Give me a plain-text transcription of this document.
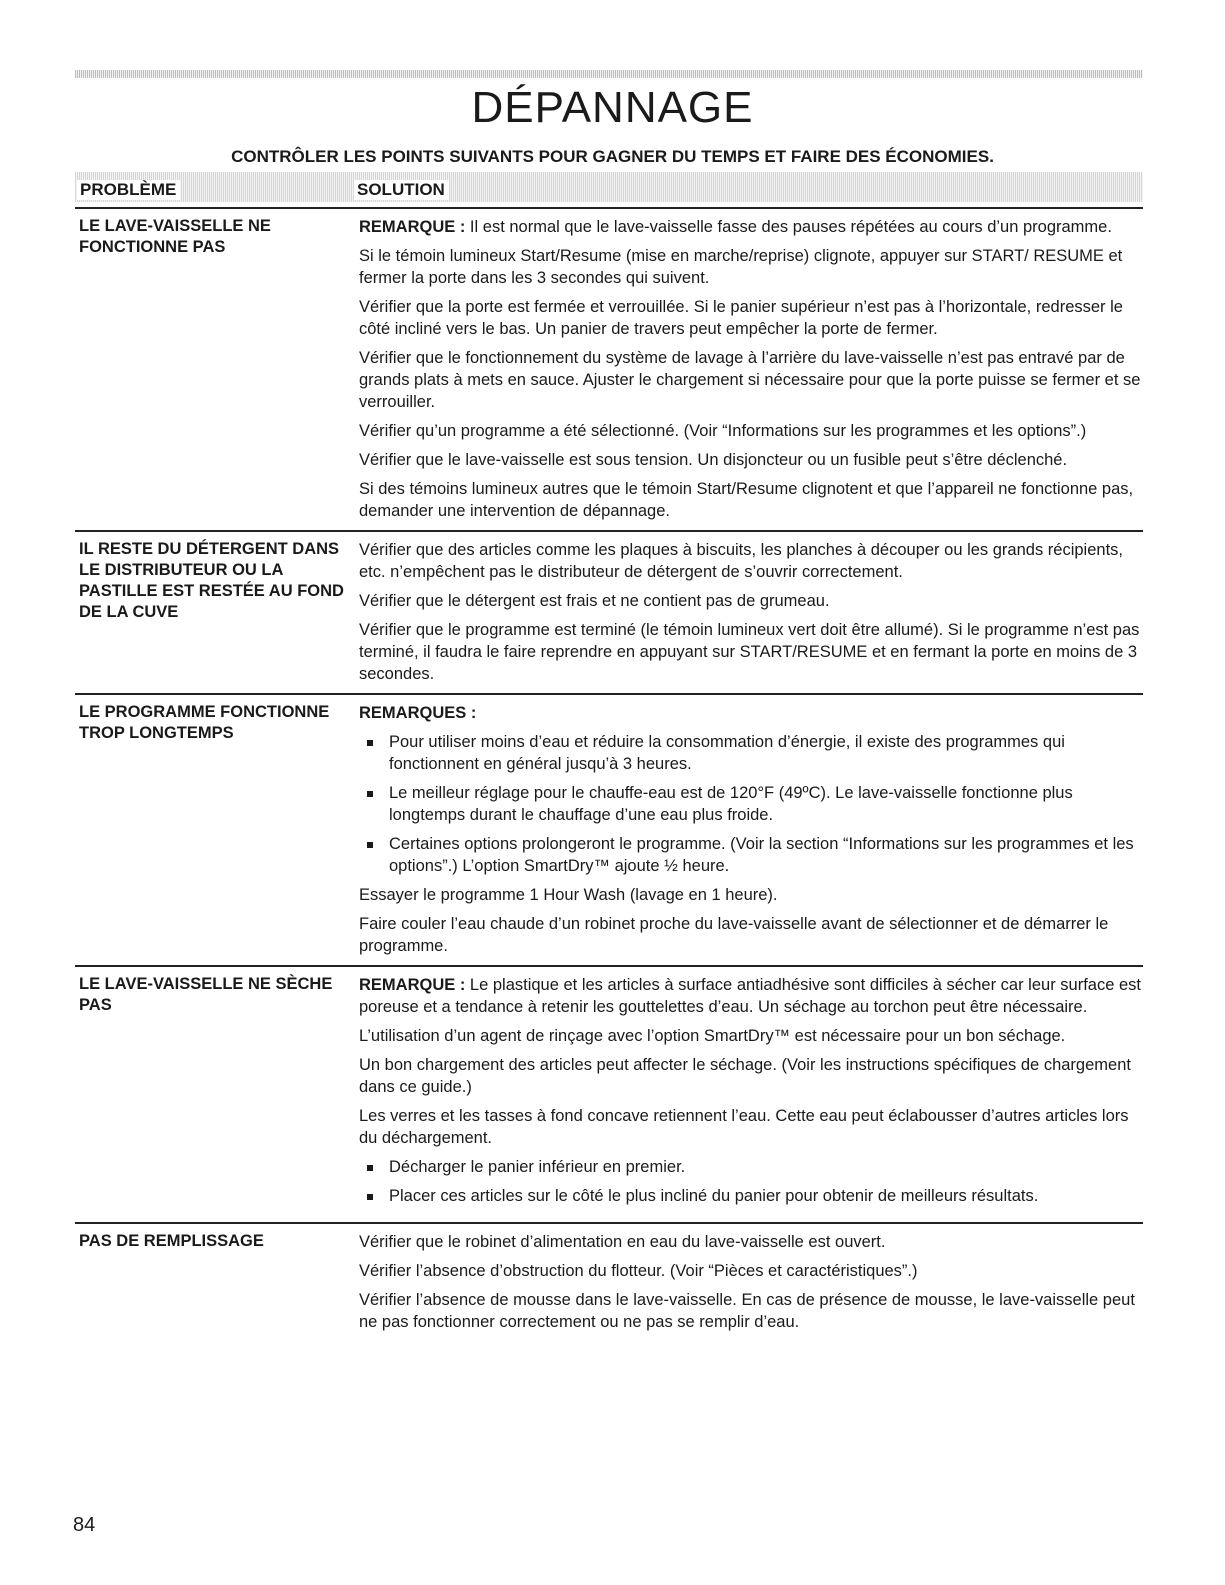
DÉPANNAGE

CONTRÔLER LES POINTS SUIVANTS POUR GAGNER DU TEMPS ET FAIRE DES ÉCONOMIES.

PROBLÈME	SOLUTION
LE LAVE-VAISSELLE NE FONCTIONNE PAS

REMARQUE : Il est normal que le lave-vaisselle fasse des pauses répétées au cours d’un programme.

Si le témoin lumineux Start/Resume (mise en marche/reprise) clignote, appuyer sur START/ RESUME et fermer la porte dans les 3 secondes qui suivent.

Vérifier que la porte est fermée et verrouillée. Si le panier supérieur n’est pas à l’horizontale, redresser le côté incliné vers le bas. Un panier de travers peut empêcher la porte de fermer.

Vérifier que le fonctionnement du système de lavage à l’arrière du lave-vaisselle n’est pas entravé par de grands plats à mets en sauce. Ajuster le chargement si nécessaire pour que la porte puisse se fermer et se verrouiller.

Vérifier qu’un programme a été sélectionné. (Voir “Informations sur les programmes et les options”.)

Vérifier que le lave-vaisselle est sous tension. Un disjoncteur ou un fusible peut s’être déclenché.

Si des témoins lumineux autres que le témoin Start/Resume clignotent et que l’appareil ne fonctionne pas, demander une intervention de dépannage.

IL RESTE DU DÉTERGENT DANS LE DISTRIBUTEUR OU LA PASTILLE EST RESTÉE AU FOND DE LA CUVE

Vérifier que des articles comme les plaques à biscuits, les planches à découper ou les grands récipients, etc. n’empêchent pas le distributeur de détergent de s’ouvrir correctement.

Vérifier que le détergent est frais et ne contient pas de grumeau.

Vérifier que le programme est terminé (le témoin lumineux vert doit être allumé). Si le programme n’est pas terminé, il faudra le faire reprendre en appuyant sur START/RESUME et en fermant la porte en moins de 3 secondes.

LE PROGRAMME FONCTIONNE TROP LONGTEMPS

REMARQUES :

Pour utiliser moins d’eau et réduire la consommation d’énergie, il existe des programmes qui fonctionnent en général jusqu’à 3 heures.
Le meilleur réglage pour le chauffe-eau est de 120°F (49ºC). Le lave-vaisselle fonctionne plus longtemps durant le chauffage d’une eau plus froide.
Certaines options prolongeront le programme. (Voir la section “Informations sur les programmes et les options”.) L’option SmartDry™ ajoute ½ heure.

Essayer le programme 1 Hour Wash (lavage en 1 heure).

Faire couler l’eau chaude d’un robinet proche du lave-vaisselle avant de sélectionner et de démarrer le programme.

LE LAVE-VAISSELLE NE SÈCHE PAS

REMARQUE : Le plastique et les articles à surface antiadhésive sont difficiles à sécher car leur surface est poreuse et a tendance à retenir les gouttelettes d’eau. Un séchage au torchon peut être nécessaire.

L’utilisation d’un agent de rinçage avec l’option SmartDry™ est nécessaire pour un bon séchage.

Un bon chargement des articles peut affecter le séchage. (Voir les instructions spécifiques de chargement dans ce guide.)

Les verres et les tasses à fond concave retiennent l’eau. Cette eau peut éclabousser d’autres articles lors du déchargement.

Décharger le panier inférieur en premier.
Placer ces articles sur le côté le plus incliné du panier pour obtenir de meilleurs résultats.
PAS DE REMPLISSAGE	Vérifier que le robinet d’alimentation en eau du lave-vaisselle est ouvert.

Vérifier l’absence d’obstruction du flotteur. (Voir “Pièces et caractéristiques”.)

Vérifier l’absence de mousse dans le lave-vaisselle. En cas de présence de mousse, le lave-vaisselle peut ne pas fonctionner correctement ou ne pas se remplir d’eau.

84
